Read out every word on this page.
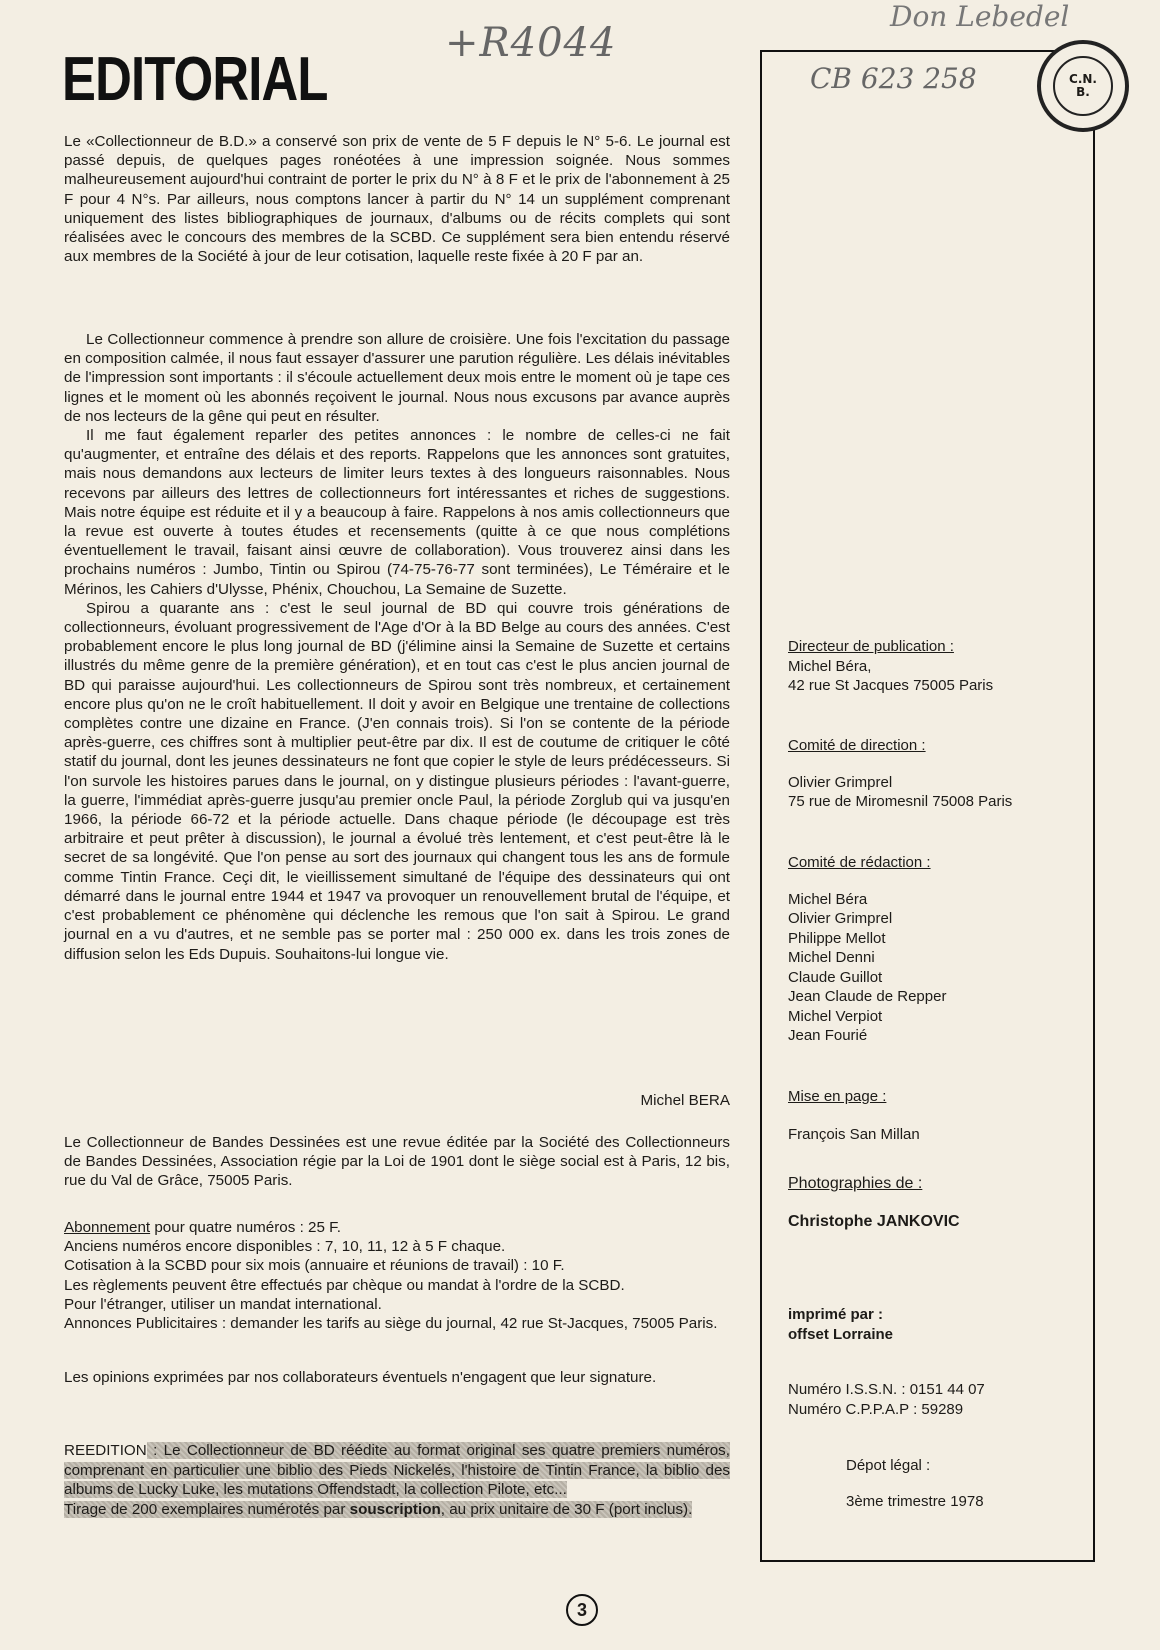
+R4044
Don Lebedel
EDITORIAL

Le «Collectionneur de B.D.» a conservé son prix de vente de 5 F depuis le N° 5-6. Le journal est passé depuis, de quelques pages ronéotées à une impression soignée. Nous sommes malheureusement aujourd'hui contraint de porter le prix du N° à 8 F et le prix de l'abonnement à 25 F pour 4 N°s. Par ailleurs, nous comptons lancer à partir du N° 14 un supplément comprenant uniquement des listes bibliographiques de journaux, d'albums ou de récits complets qui sont réalisées avec le concours des membres de la SCBD. Ce supplément sera bien entendu réservé aux membres de la Société à jour de leur cotisation, laquelle reste fixée à 20 F par an.

Le Collectionneur commence à prendre son allure de croisière. Une fois l'excitation du passage en composition calmée, il nous faut essayer d'assurer une parution régulière. Les délais inévitables de l'impression sont importants : il s'écoule actuellement deux mois entre le moment où je tape ces lignes et le moment où les abonnés reçoivent le journal. Nous nous excusons par avance auprès de nos lecteurs de la gêne qui peut en résulter.

Il me faut également reparler des petites annonces : le nombre de celles-ci ne fait qu'augmenter, et entraîne des délais et des reports. Rappelons que les annonces sont gratuites, mais nous demandons aux lecteurs de limiter leurs textes à des longueurs raisonnables. Nous recevons par ailleurs des lettres de collectionneurs fort intéressantes et riches de suggestions. Mais notre équipe est réduite et il y a beaucoup à faire. Rappelons à nos amis collectionneurs que la revue est ouverte à toutes études et recensements (quitte à ce que nous complétions éventuellement le travail, faisant ainsi œuvre de collaboration). Vous trouverez ainsi dans les prochains numéros : Jumbo, Tintin ou Spirou (74-75-76-77 sont terminées), Le Téméraire et le Mérinos, les Cahiers d'Ulysse, Phénix, Chouchou, La Semaine de Suzette.

Spirou a quarante ans : c'est le seul journal de BD qui couvre trois générations de collectionneurs, évoluant progressivement de l'Age d'Or à la BD Belge au cours des années. C'est probablement encore le plus long journal de BD (j'élimine ainsi la Semaine de Suzette et certains illustrés du même genre de la première génération), et en tout cas c'est le plus ancien journal de BD qui paraisse aujourd'hui. Les collectionneurs de Spirou sont très nombreux, et certainement encore plus qu'on ne le croît habituellement. Il doit y avoir en Belgique une trentaine de collections complètes contre une dizaine en France. (J'en connais trois). Si l'on se contente de la période après-guerre, ces chiffres sont à multiplier peut-être par dix. Il est de coutume de critiquer le côté statif du journal, dont les jeunes dessinateurs ne font que copier le style de leurs prédécesseurs. Si l'on survole les histoires parues dans le journal, on y distingue plusieurs périodes : l'avant-guerre, la guerre, l'immédiat après-guerre jusqu'au premier oncle Paul, la période Zorglub qui va jusqu'en 1966, la période 66-72 et la période actuelle. Dans chaque période (le découpage est très arbitraire et peut prêter à discussion), le journal a évolué très lentement, et c'est peut-être là le secret de sa longévité. Que l'on pense au sort des journaux qui changent tous les ans de formule comme Tintin France. Ceçi dit, le vieillissement simultané de l'équipe des dessinateurs qui ont démarré dans le journal entre 1944 et 1947 va provoquer un renouvellement brutal de l'équipe, et c'est probablement ce phénomène qui déclenche les remous que l'on sait à Spirou. Le grand journal en a vu d'autres, et ne semble pas se porter mal : 250 000 ex. dans les trois zones de diffusion selon les Eds Dupuis. Souhaitons-lui longue vie.

Michel BERA

Le Collectionneur de Bandes Dessinées est une revue éditée par la Société des Collectionneurs de Bandes Dessinées, Association régie par la Loi de 1901 dont le siège social est à Paris, 12 bis, rue du Val de Grâce, 75005 Paris.

Abonnement pour quatre numéros : 25 F.

Anciens numéros encore disponibles : 7, 10, 11, 12 à 5 F chaque.

Cotisation à la SCBD pour six mois (annuaire et réunions de travail) : 10 F.

Les règlements peuvent être effectués par chèque ou mandat à l'ordre de la SCBD.

Pour l'étranger, utiliser un mandat international.

Annonces Publicitaires : demander les tarifs au siège du journal, 42 rue St-Jacques, 75005 Paris.

Les opinions exprimées par nos collaborateurs éventuels n'engagent que leur signature.

REEDITION : Le Collectionneur de BD réédite au format original ses quatre premiers numéros, comprenant en particulier une biblio des Pieds Nickelés, l'histoire de Tintin France, la biblio des albums de Lucky Luke, les mutations Offendstadt, la collection Pilote, etc...
Tirage de 200 exemplaires numérotés par souscription, au prix unitaire de 30 F (port inclus).
CB 623 258	C.N.
B.
Directeur de publication :
Michel Béra,
42 rue St Jacques 75005 Paris
Comité de direction :
Olivier Grimprel
75 rue de Miromesnil 75008 Paris
Comité de rédaction :
Michel Béra
Olivier Grimprel
Philippe Mellot
Michel Denni
Claude Guillot
Jean Claude de Repper
Michel Verpiot
Jean Fourié
Mise en page :
François San Millan
Photographies de :
Christophe JANKOVIC
imprimé par :
offset Lorraine
Numéro I.S.S.N. : 0151 44 07
Numéro C.P.P.A.P : 59289
Dépot légal :
3ème trimestre 1978
3
